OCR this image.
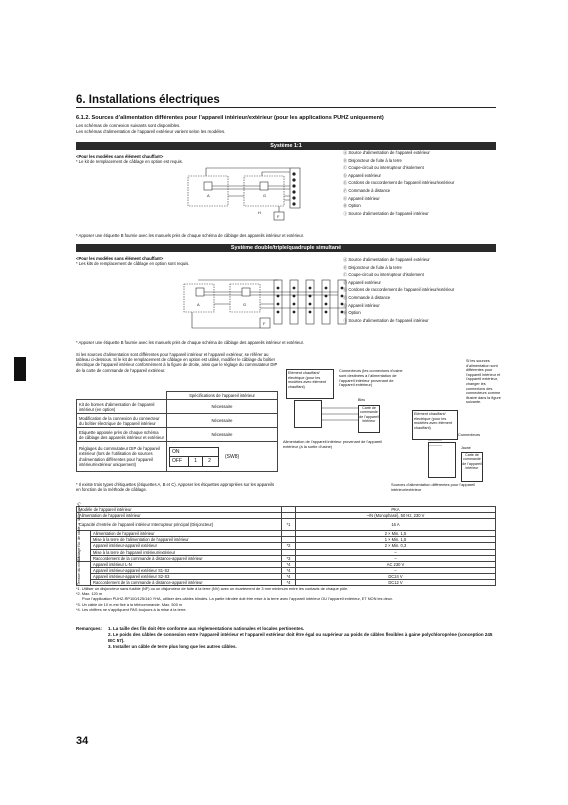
6. Installations électriques
6.1.2. Sources d’alimentation différentes pour l’appareil intérieur/extérieur (pour les applications PUHZ uniquement)
Les schémas de connexion suivants sont disponibles.
Les schémas d’alimentation de l’appareil extérieur varient selon les modèles.
Système 1:1
<Pour les modèles sans élément chauffant>
* Le kit de remplacement de câblage en option est requis.
A	G
F
H
Ⓐ Source d’alimentation de l’appareil extérieur
Ⓑ Disjoncteur de fuite à la terre
Ⓒ Coupe-circuit ou interrupteur d’isolement
Ⓓ Appareil extérieur
Ⓔ Cordons de raccordement de l’appareil intérieur/extérieur
Ⓕ Commande à distance
Ⓖ Appareil intérieur
Ⓗ Option
Ⓘ Source d’alimentation de l’appareil intérieur
* Apposer une étiquette B fournie avec les manuels près de chaque schéma de câblage des appareils intérieur et extérieur.
Système double/triple/quadruple simultané
<Pour les modèles sans élément chauffant>
* Les kits de remplacement de câblage en option sont requis.
A	G
F
Ⓐ Source d’alimentation de l’appareil extérieur
Ⓑ Disjoncteur de fuite à la terre
Ⓒ Coupe-circuit ou interrupteur d’isolement
Ⓓ Appareil extérieur
Ⓔ Cordons de raccordement de l’appareil intérieur/extérieur
Ⓕ Commande à distance
Ⓖ Appareil intérieur
Ⓗ Option
Ⓘ Source d’alimentation de l’appareil intérieur
* Apposer une étiquette B fournie avec les manuels près de chaque schéma de câblage des appareils intérieur et extérieur.
Si les sources d’alimentation sont différentes pour l’appareil intérieur et l’appareil extérieur, se référer au tableau ci-dessous. Si le kit de remplacement de câblage en option est utilisé, modifier le câblage du boîtier électrique de l’appareil intérieur conformément à la figure de droite, ainsi que le réglage du commutateur DIP de la carte de commande de l’appareil extérieur.
	Spécifications de l’appareil intérieur
Kit de bornes d’alimentation de l’appareil intérieur (en option)	Nécessaire
Modification de la connexion du connecteur du boîtier électrique de l’appareil intérieur	Nécessaire
Etiquette apposée près de chaque schéma de câblage des appareils intérieur et extérieur	Nécessaire
Réglages du commutateur DIP de l’appareil extérieur (lors de l’utilisation de sources d’alimentation différentes pour l’appareil intérieur/extérieur uniquement)	ON
OFF 1 2
(SW8)
* Il existe trois types d’étiquettes (étiquettes A, B et C). Apposer les étiquettes appropriées sur les appareils en fonction de la méthode de câblage.
Elément chauffant/électrique (pour les modèles avec élément chauffant)
Connecteurs (les connexions d’usine sont destinées à l’alimentation de l’appareil intérieur provenant de l’appareil extérieur)
Carte de commande de l’appareil intérieur
Bleu
Alimentation de l’appareil intérieur provenant de l’appareil extérieur (à la sortie d’usine)
Elément chauffant/électrique (pour les modèles avec élément chauffant)
Si les sources d’alimentation sont différentes pour l’appareil intérieur et l’appareil extérieur, changer les connexions des connecteurs comme illustré dans la figure suivante.
Connecteurs
Carte de commande de l’appareil intérieur
Jaune
Sources d’alimentation différentes pour l’appareil intérieur/extérieur
Modèle de l’appareil intérieur			PKA
Alimentation de l’appareil intérieur			~/N (Monophasé), 50 Hz, 230 V
Capacité d’entrée de l’appareil intérieur Interrupteur principal (Disjoncteur)		*1	16 A

Câblage No. de câble × taille (mm²)	Alimentation de l’appareil intérieur		2 × Min. 1,5
	Mise à la terre de l’alimentation de l’appareil intérieur		1 × Min. 1,5
	Appareil intérieur-appareil extérieur	*2	2 × Min. 0,3
	Mise à la terre de l’appareil intérieur/extérieur		–
	Raccordement de la commande à distance-appareil intérieur	*3	–

Tension du circuit	Appareil intérieur L-N	*4	AC 230 V
	Appareil intérieur-appareil extérieur S1-S2	*4	–
	Appareil intérieur-appareil extérieur S2-S3	*4	DC24 V
	Raccordement de la commande à distance-appareil intérieur	*4	DC12 V
*1. Utiliser un disjoncteur sans fusible (NF) ou un disjoncteur de fuite à la terre (NV) avec un écartement de 3 mm minimum entre les contacts de chaque pôle.
*2. Max. 120 m
Pour l’application PUHZ-RP100/125/140 YHA, utiliser des câbles blindés. La partie blindée doit être mise à la terre avec l’appareil intérieur OU l’appareil extérieur, ET NON les deux.
*3. Un câble de 10 m est fixé à la télécommande. Max. 500 m
*4. Les chiffres ne s’appliquent PAS toujours à la mise à la terre.
Remarques:	1. La taille des fils doit être conforme aux réglementations nationales et locales pertinentes.
2. Le poids des câbles de connexion entre l’appareil intérieur et l’appareil extérieur doit être égal ou supérieur au poids de câbles flexibles à gaine polychloroprène (conception 245 IEC 57).
3. Installer un câble de terre plus long que les autres câbles.
34
